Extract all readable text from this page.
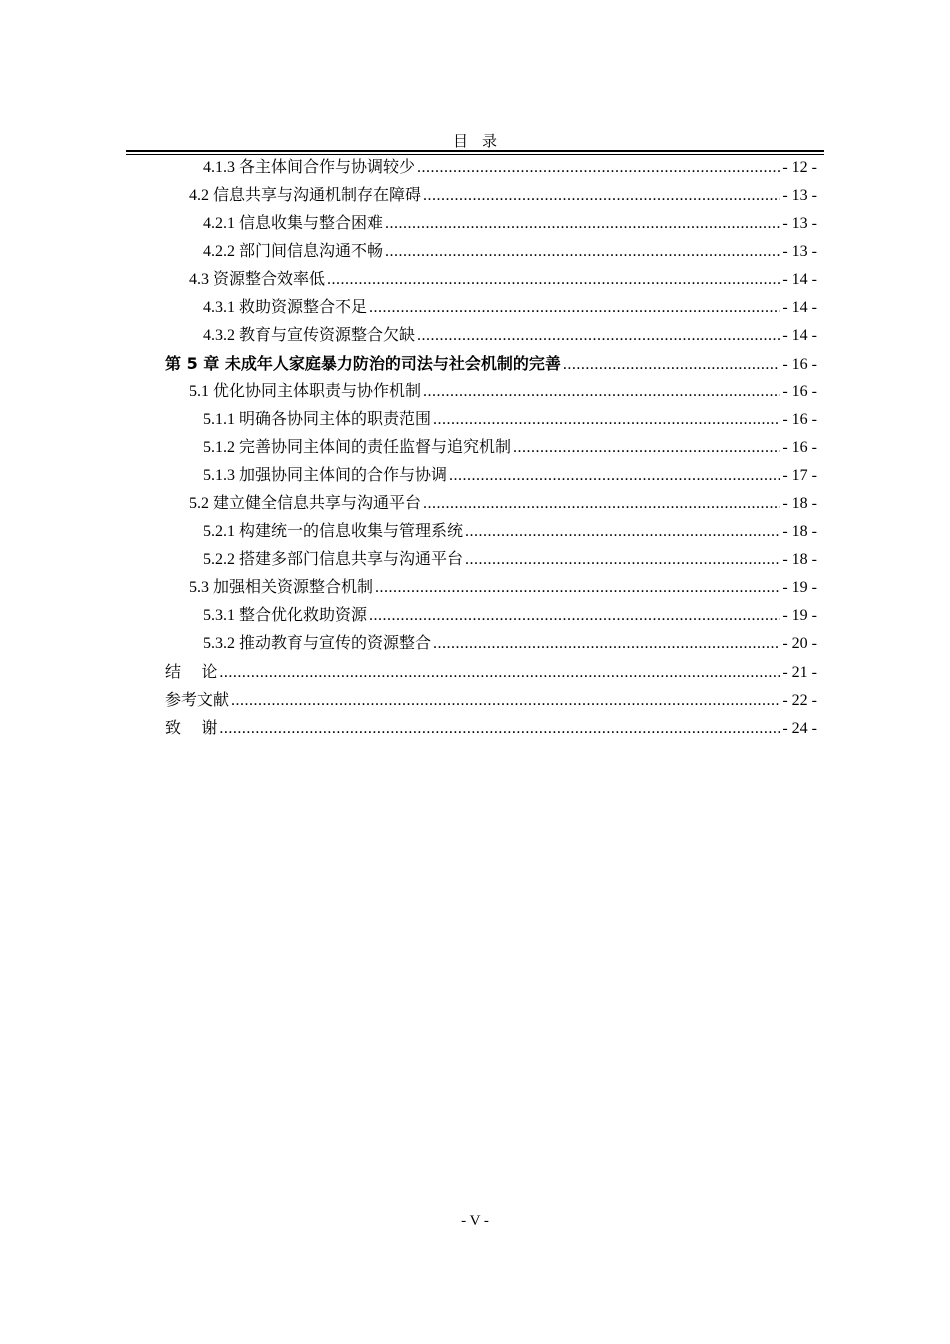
目录
4.1.3 各主体间合作与协调较少 .....	- 12 -
4.2 信息共享与沟通机制存在障碍 .....	- 13 -
4.2.1 信息收集与整合困难 .....	- 13 -
4.2.2 部门间信息沟通不畅 .....	- 13 -
4.3 资源整合效率低 .....	- 14 -
4.3.1 救助资源整合不足 .....	- 14 -
4.3.2 教育与宣传资源整合欠缺 .....	- 14 -
第 5 章 未成年人家庭暴力防治的司法与社会机制的完善 .....	- 16 -
5.1 优化协同主体职责与协作机制 .....	- 16 -
5.1.1 明确各协同主体的职责范围 .....	- 16 -
5.1.2 完善协同主体间的责任监督与追究机制 .....	- 16 -
5.1.3 加强协同主体间的合作与协调 .....	- 17 -
5.2 建立健全信息共享与沟通平台 .....	- 18 -
5.2.1 构建统一的信息收集与管理系统 .....	- 18 -
5.2.2 搭建多部门信息共享与沟通平台 .....	- 18 -
5.3 加强相关资源整合机制 .....	- 19 -
5.3.1 整合优化救助资源 .....	- 19 -
5.3.2 推动教育与宣传的资源整合 .....	- 20 -
结    论 .....	- 21 -
参考文献 .....	- 22 -
致    谢 .....	- 24 -
- V -
